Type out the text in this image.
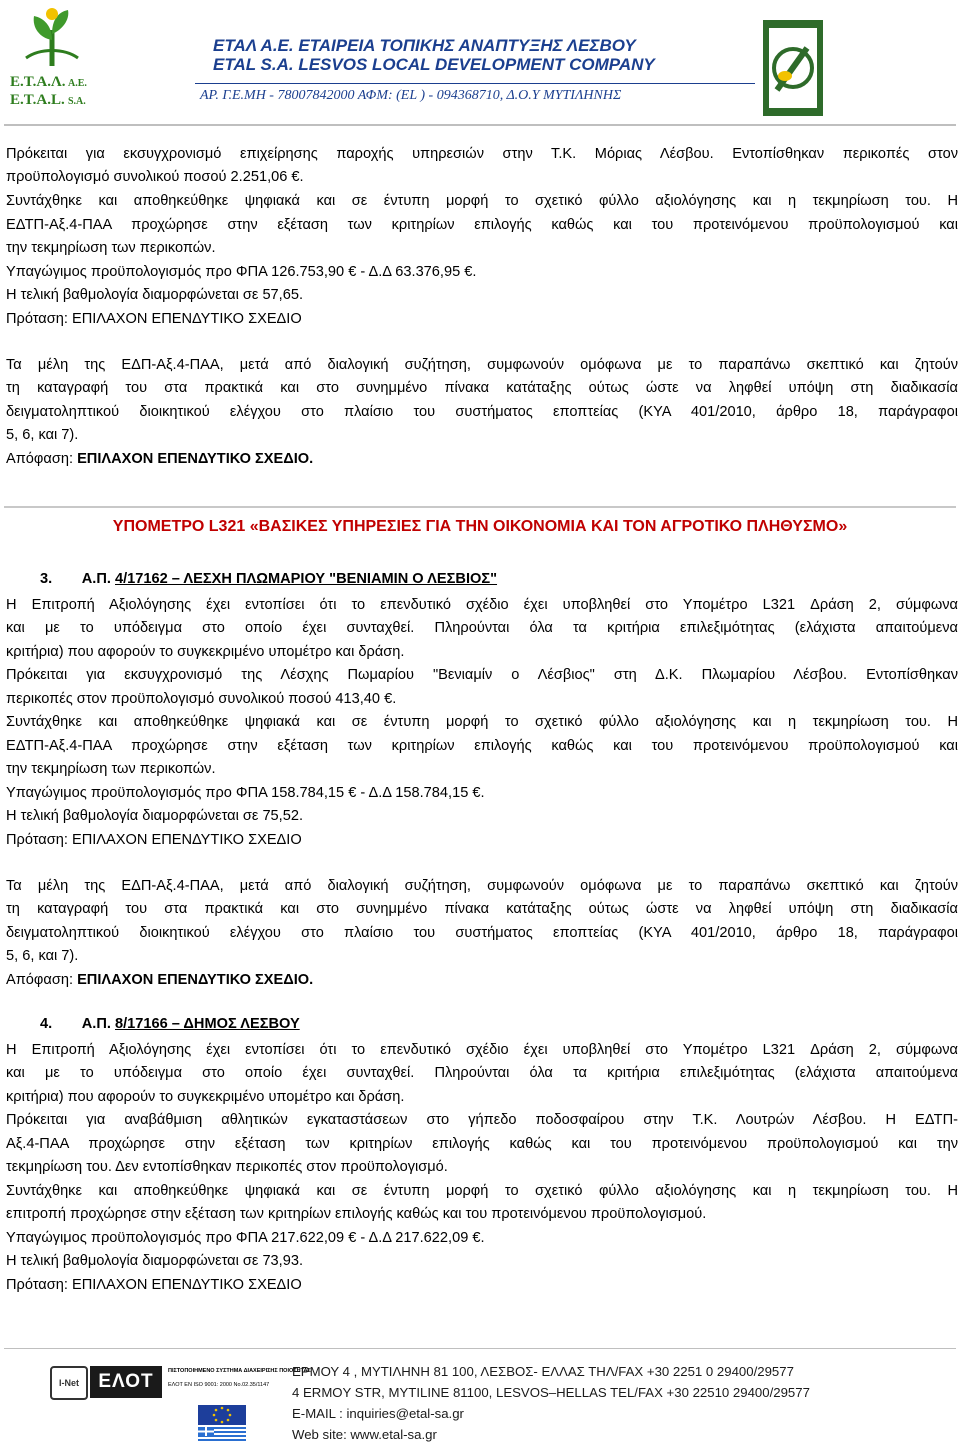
Ε.Τ.Α.Λ. Α.Ε.
E.T.A.L. S.A.
ΕΤΑΛ Α.Ε. ΕΤΑΙΡΕΙΑ ΤΟΠΙΚΗΣ ΑΝΑΠΤΥΞΗΣ ΛΕΣΒΟΥ
ETAL S.A. LESVOS LOCAL DEVELOPMENT COMPANY
ΑΡ. Γ.Ε.ΜΗ - 78007842000 ΑΦΜ: (EL ) - 094368710, Δ.Ο.Υ ΜΥΤΙΛΗΝΗΣ

Πρόκειται για εκσυγχρονισμό επιχείρησης παροχής υπηρεσιών στην Τ.Κ. Μόριας Λέσβου. Εντοπίσθηκαν περικοπές στον

προϋπολογισμό συνολικού ποσού 2.251,06 €.

Συντάχθηκε και αποθηκεύθηκε ψηφιακά και σε έντυπη μορφή το σχετικό φύλλο αξιολόγησης και η τεκμηρίωση του. Η

ΕΔΤΠ-Αξ.4-ΠΑΑ προχώρησε στην εξέταση των κριτηρίων επιλογής καθώς και του προτεινόμενου προϋπολογισμού και

την τεκμηρίωση των περικοπών.

Υπαγώγιμος προϋπολογισμός προ ΦΠΑ 126.753,90 € - Δ.Δ 63.376,95 €.

Η τελική βαθμολογία διαμορφώνεται σε 57,65.

Πρόταση: ΕΠΙΛΑΧΟΝ ΕΠΕΝΔΥΤΙΚΟ ΣΧΕΔΙΟ

Τα μέλη της ΕΔΠ-Αξ.4-ΠΑΑ, μετά από διαλογική συζήτηση, συμφωνούν ομόφωνα με το παραπάνω σκεπτικό και ζητούν

τη καταγραφή του στα πρακτικά και στο συνημμένο πίνακα κατάταξης ούτως ώστε να ληφθεί υπόψη στη διαδικασία

δειγματοληπτικού διοικητικού ελέγχου στο πλαίσιο του συστήματος εποπτείας (ΚΥΑ 401/2010, άρθρο 18, παράγραφοι

5, 6, και 7).

Απόφαση: ΕΠΙΛΑΧΟΝ ΕΠΕΝΔΥΤΙΚΟ ΣΧΕΔΙΟ.

ΥΠΟΜΕΤΡΟ L321 «ΒΑΣΙΚΕΣ ΥΠΗΡΕΣΙΕΣ ΓΙΑ ΤΗΝ ΟΙΚΟΝΟΜΙΑ ΚΑΙ ΤΟΝ ΑΓΡΟΤΙΚΟ ΠΛΗΘΥΣΜΟ»
3. Α.Π. 4/17162 – ΛΕΣΧΗ ΠΛΩΜΑΡΙΟΥ "ΒΕΝΙΑΜΙΝ Ο ΛΕΣΒΙΟΣ"

Η Επιτροπή Αξιολόγησης έχει εντοπίσει ότι το επενδυτικό σχέδιο έχει υποβληθεί στο Υπομέτρο L321 Δράση 2, σύμφωνα

και με το υπόδειγμα στο οποίο έχει συνταχθεί. Πληρούνται όλα τα κριτήρια επιλεξιμότητας (ελάχιστα απαιτούμενα

κριτήρια) που αφορούν το συγκεκριμένο υπομέτρο και δράση.

Πρόκειται για εκσυγχρονισμό της Λέσχης Πωμαρίου "Βενιαμίν ο Λέσβιος" στη Δ.Κ. Πλωμαρίου Λέσβου. Εντοπίσθηκαν

περικοπές στον προϋπολογισμό συνολικού ποσού 413,40 €.

Συντάχθηκε και αποθηκεύθηκε ψηφιακά και σε έντυπη μορφή το σχετικό φύλλο αξιολόγησης και η τεκμηρίωση του. Η

ΕΔΤΠ-Αξ.4-ΠΑΑ προχώρησε στην εξέταση των κριτηρίων επιλογής καθώς και του προτεινόμενου προϋπολογισμού και

την τεκμηρίωση των περικοπών.

Υπαγώγιμος προϋπολογισμός προ ΦΠΑ 158.784,15 € - Δ.Δ 158.784,15 €.

Η τελική βαθμολογία διαμορφώνεται σε 75,52.

Πρόταση: ΕΠΙΛΑΧΟΝ ΕΠΕΝΔΥΤΙΚΟ ΣΧΕΔΙΟ

Τα μέλη της ΕΔΠ-Αξ.4-ΠΑΑ, μετά από διαλογική συζήτηση, συμφωνούν ομόφωνα με το παραπάνω σκεπτικό και ζητούν

τη καταγραφή του στα πρακτικά και στο συνημμένο πίνακα κατάταξης ούτως ώστε να ληφθεί υπόψη στη διαδικασία

δειγματοληπτικού διοικητικού ελέγχου στο πλαίσιο του συστήματος εποπτείας (ΚΥΑ 401/2010, άρθρο 18, παράγραφοι

5, 6, και 7).

Απόφαση: ΕΠΙΛΑΧΟΝ ΕΠΕΝΔΥΤΙΚΟ ΣΧΕΔΙΟ.

4. Α.Π. 8/17166 – ΔΗΜΟΣ ΛΕΣΒΟΥ

Η Επιτροπή Αξιολόγησης έχει εντοπίσει ότι το επενδυτικό σχέδιο έχει υποβληθεί στο Υπομέτρο L321 Δράση 2, σύμφωνα

και με το υπόδειγμα στο οποίο έχει συνταχθεί. Πληρούνται όλα τα κριτήρια επιλεξιμότητας (ελάχιστα απαιτούμενα

κριτήρια) που αφορούν το συγκεκριμένο υπομέτρο και δράση.

Πρόκειται για αναβάθμιση αθλητικών εγκαταστάσεων στο γήπεδο ποδοσφαίρου στην Τ.Κ. Λουτρών Λέσβου. Η ΕΔΤΠ-

Αξ.4-ΠΑΑ προχώρησε στην εξέταση των κριτηρίων επιλογής καθώς και του προτεινόμενου προϋπολογισμού και την

τεκμηρίωση του. Δεν εντοπίσθηκαν περικοπές στον προϋπολογισμό.

Συντάχθηκε και αποθηκεύθηκε ψηφιακά και σε έντυπη μορφή το σχετικό φύλλο αξιολόγησης και η τεκμηρίωση του. Η

επιτροπή προχώρησε στην εξέταση των κριτηρίων επιλογής καθώς και του προτεινόμενου προϋπολογισμού.

Υπαγώγιμος προϋπολογισμός προ ΦΠΑ 217.622,09 € - Δ.Δ 217.622,09 €.

Η τελική βαθμολογία διαμορφώνεται σε 73,93.

Πρόταση: ΕΠΙΛΑΧΟΝ ΕΠΕΝΔΥΤΙΚΟ ΣΧΕΔΙΟ

I-Net	ΕΛΟΤ	ΠΙΣΤΟΠΟΙΗΜΕΝΟ ΣΥΣΤΗΜΑ ΔΙΑΧΕΙΡΙΣΗΣ ΠΟΙΟΤΗΤΑΣ
ΕΛΟΤ ΕΝ ISO 9001: 2000 No.02.35/1147
ΕΡΜΟΥ 4 , ΜΥΤΙΛΗΝΗ 81 100, ΛΕΣΒΟΣ- ΕΛΛΑΣ ΤΗΛ/FAX +30 2251 0 29400/29577
4 ERMOY STR, MYTILINE 81100, LESVOS–HELLAS TEL/FAX +30 22510 29400/29577
E-MAIL : inquiries@etal-sa.gr
Web site: www.etal-sa.gr
